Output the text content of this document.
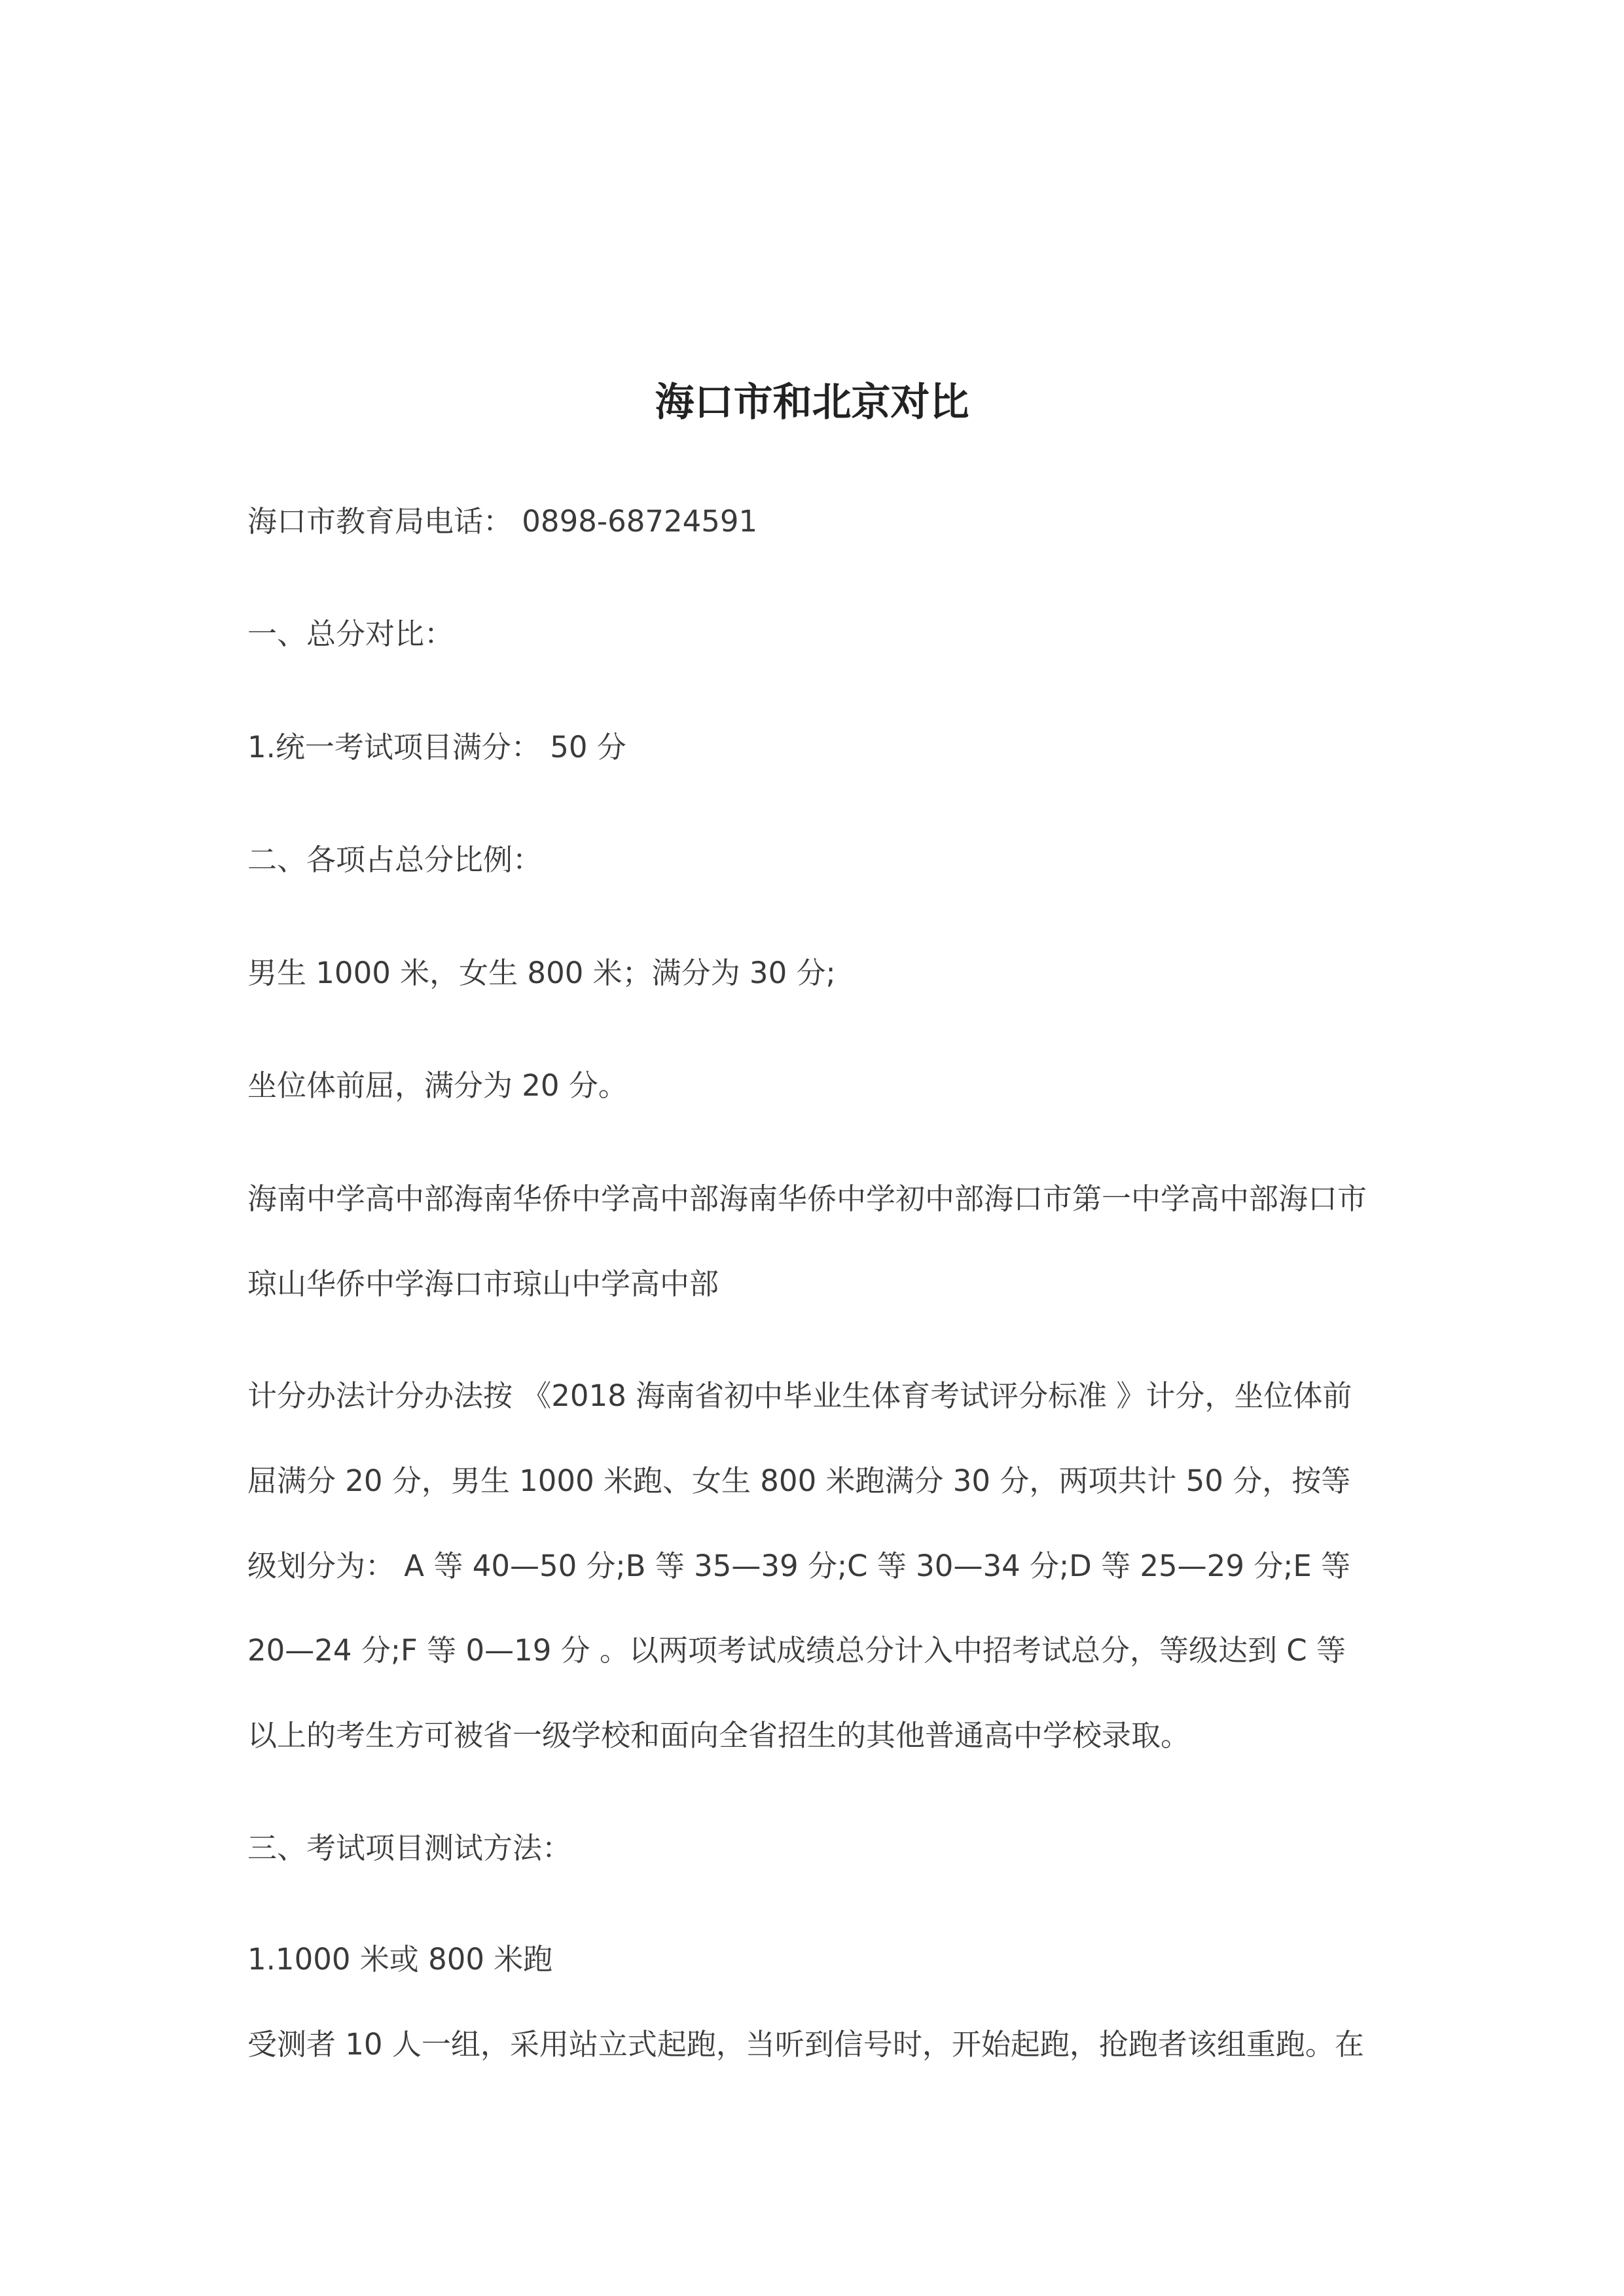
海口市和北京对比
海口市教育局电话： 0898-68724591
一、总分对比：
1.统一考试项目满分： 50 分
二、各项占总分比例：
男生 1000 米，女生 800 米；满分为 30 分;
坐位体前屈，满分为 20 分。
海南中学高中部海南华侨中学高中部海南华侨中学初中部海口市第一中学高中部海口市
琼山华侨中学海口市琼山中学高中部
计分办法计分办法按 《2018 海南省初中毕业生体育考试评分标准 》计分，坐位体前
屈满分 20 分，男生 1000 米跑、女生 800 米跑满分 30 分，两项共计 50 分，按等
级划分为： A 等 40—50 分;B 等 35—39 分;C 等 30—34 分;D 等 25—29 分;E 等
20—24 分;F 等 0—19 分 。以两项考试成绩总分计入中招考试总分，等级达到 C 等
以上的考生方可被省一级学校和面向全省招生的其他普通高中学校录取。
三、考试项目测试方法：
1.1000 米或 800 米跑
受测者 10 人一组，采用站立式起跑，当听到信号时，开始起跑，抢跑者该组重跑。在
